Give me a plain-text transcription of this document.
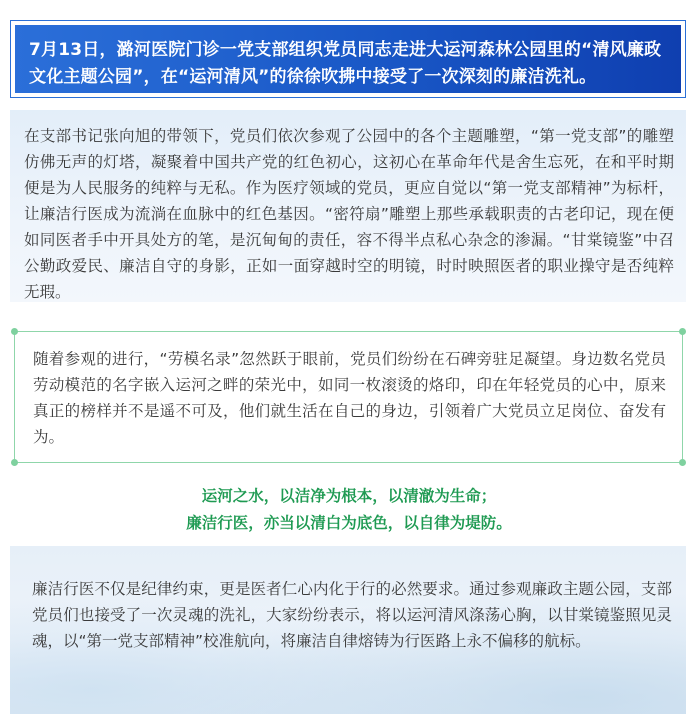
7月13日，潞河医院门诊一党支部组织党员同志走进大运河森林公园里的“清风廉政文化主题公园”，在“运河清风”的徐徐吹拂中接受了一次深刻的廉洁洗礼。

在支部书记张向旭的带领下，党员们依次参观了公园中的各个主题雕塑，“第一党支部”的雕塑仿佛无声的灯塔，凝聚着中国共产党的红色初心，这初心在革命年代是舍生忘死，在和平时期便是为人民服务的纯粹与无私。作为医疗领域的党员，更应自觉以“第一党支部精神”为标杆，让廉洁行医成为流淌在血脉中的红色基因。“密符扇”雕塑上那些承载职责的古老印记，现在便如同医者手中开具处方的笔，是沉甸甸的责任，容不得半点私心杂念的渗漏。“甘棠镜鉴”中召公勤政爱民、廉洁自守的身影，正如一面穿越时空的明镜，时时映照医者的职业操守是否纯粹无瑕。

随着参观的进行，“劳模名录”忽然跃于眼前，党员们纷纷在石碑旁驻足凝望。身边数名党员劳动模范的名字嵌入运河之畔的荣光中，如同一枚滚烫的烙印，印在年轻党员的心中，原来真正的榜样并不是遥不可及，他们就生活在自己的身边，引领着广大党员立足岗位、奋发有为。

运河之水，以洁净为根本，以清澈为生命；

廉洁行医，亦当以清白为底色，以自律为堤防。

廉洁行医不仅是纪律约束，更是医者仁心内化于行的必然要求。通过参观廉政主题公园，支部党员们也接受了一次灵魂的洗礼，大家纷纷表示，将以运河清风涤荡心胸，以甘棠镜鉴照见灵魂，以“第一党支部精神”校准航向，将廉洁自律熔铸为行医路上永不偏移的航标。
